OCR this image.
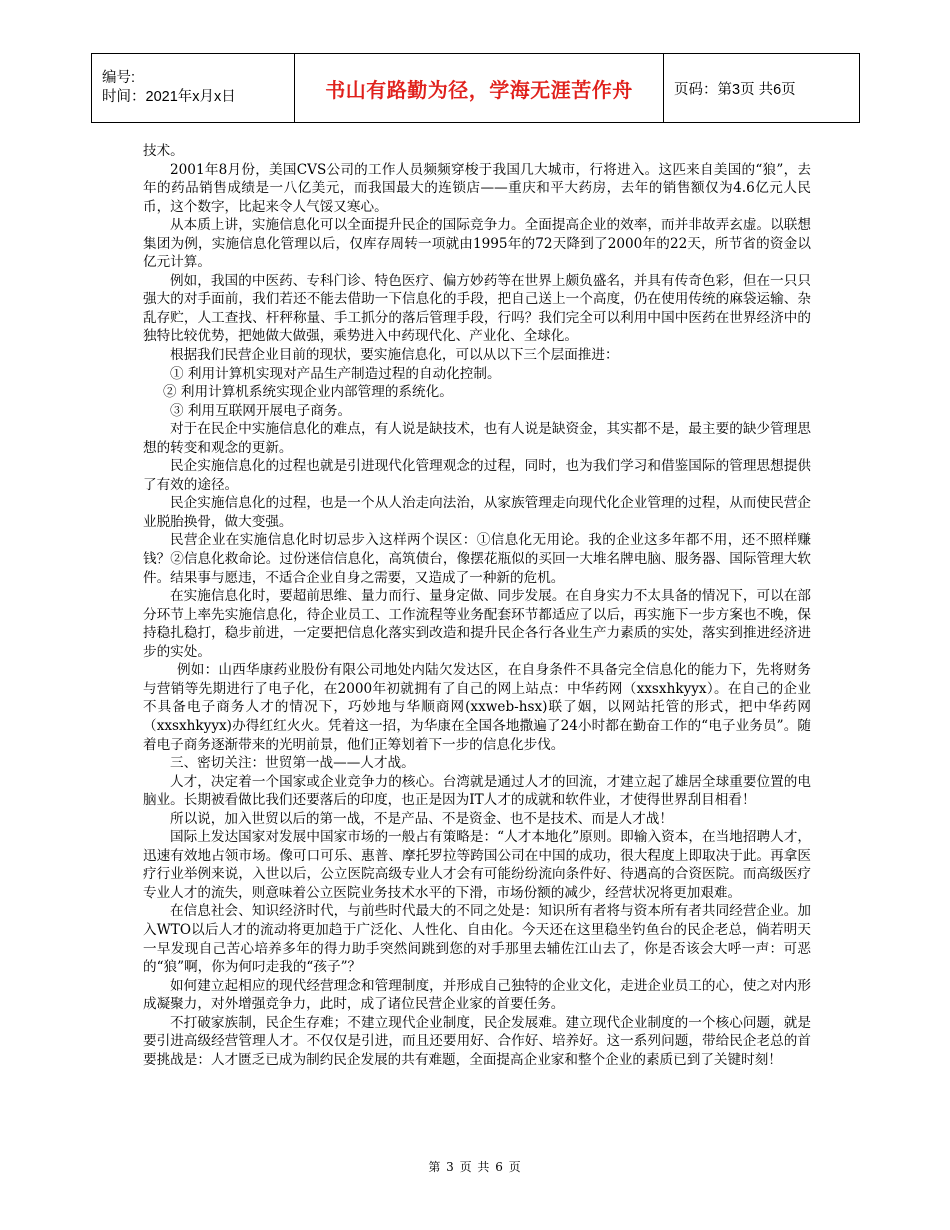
编号:
时间：2021年x月x日	书山有路勤为径，学海无涯苦作舟	页码：第3页 共6页

技术。

2001年8月份，美国CVS公司的工作人员频频穿梭于我国几大城市，行将进入。这匹来自美国的“狼”，去年的药品销售成绩是一八亿美元，而我国最大的连锁店——重庆和平大药房，去年的销售额仅为4.6亿元人民币，这个数字，比起来令人气馁又寒心。

从本质上讲，实施信息化可以全面提升民企的国际竞争力。全面提高企业的效率，而并非故弄玄虚。以联想集团为例，实施信息化管理以后，仅库存周转一项就由1995年的72天降到了2000年的22天，所节省的资金以亿元计算。

例如，我国的中医药、专科门诊、特色医疗、偏方妙药等在世界上颇负盛名，并具有传奇色彩，但在一只只强大的对手面前，我们若还不能去借助一下信息化的手段，把自己送上一个高度，仍在使用传统的麻袋运输、杂乱存贮，人工查找、杆秤称量、手工抓分的落后管理手段，行吗？我们完全可以利用中国中医药在世界经济中的独特比较优势，把她做大做强，乘势进入中药现代化、产业化、全球化。

根据我们民营企业目前的现状，要实施信息化，可以从以下三个层面推进：

① 利用计算机实现对产品生产制造过程的自动化控制。

② 利用计算机系统实现企业内部管理的系统化。

③ 利用互联网开展电子商务。

对于在民企中实施信息化的难点，有人说是缺技术，也有人说是缺资金，其实都不是，最主要的缺少管理思想的转变和观念的更新。

民企实施信息化的过程也就是引进现代化管理观念的过程，同时，也为我们学习和借鉴国际的管理思想提供了有效的途径。

民企实施信息化的过程，也是一个从人治走向法治，从家族管理走向现代化企业管理的过程，从而使民营企业脱胎换骨，做大变强。

民营企业在实施信息化时切忌步入这样两个误区：①信息化无用论。我的企业这多年都不用，还不照样赚钱？②信息化救命论。过份迷信信息化，高筑债台，像摆花瓶似的买回一大堆名牌电脑、服务器、国际管理大软件。结果事与愿违，不适合企业自身之需要，又造成了一种新的危机。

在实施信息化时，要超前思维、量力而行、量身定做、同步发展。在自身实力不太具备的情况下，可以在部分环节上率先实施信息化，待企业员工、工作流程等业务配套环节都适应了以后，再实施下一步方案也不晚，保持稳扎稳打，稳步前进，一定要把信息化落实到改造和提升民企各行各业生产力素质的实处，落实到推进经济进步的实处。

例如：山西华康药业股份有限公司地处内陆欠发达区，在自身条件不具备完全信息化的能力下，先将财务与营销等先期进行了电子化，在2000年初就拥有了自己的网上站点：中华药网（xxsxhkyyx）。在自己的企业不具备电子商务人才的情况下，巧妙地与华顺商网(xxweb-hsx)联了姻，以网站托管的形式，把中华药网（xxsxhkyyx)办得红红火火。凭着这一招，为华康在全国各地撒遍了24小时都在勤奋工作的“电子业务员”。随着电子商务逐渐带来的光明前景，他们正筹划着下一步的信息化步伐。

三、密切关注：世贸第一战——人才战。

人才，决定着一个国家或企业竞争力的核心。台湾就是通过人才的回流，才建立起了雄居全球重要位置的电脑业。长期被看做比我们还要落后的印度，也正是因为IT人才的成就和软件业，才使得世界刮目相看！

所以说，加入世贸以后的第一战，不是产品、不是资金、也不是技术、而是人才战！

国际上发达国家对发展中国家市场的一般占有策略是：“人才本地化”原则。即输入资本，在当地招聘人才，迅速有效地占领市场。像可口可乐、惠普、摩托罗拉等跨国公司在中国的成功，很大程度上即取决于此。再拿医疗行业举例来说，入世以后，公立医院高级专业人才会有可能纷纷流向条件好、待遇高的合资医院。而高级医疗专业人才的流失，则意味着公立医院业务技术水平的下滑，市场份额的减少，经营状况将更加艰难。

在信息社会、知识经济时代，与前些时代最大的不同之处是：知识所有者将与资本所有者共同经营企业。加入WTO以后人才的流动将更加趋于广泛化、人性化、自由化。今天还在这里稳坐钓鱼台的民企老总，倘若明天一早发现自己苦心培养多年的得力助手突然间跳到您的对手那里去辅佐江山去了，你是否该会大呼一声：可恶的“狼”啊，你为何叼走我的“孩子”？

如何建立起相应的现代经营理念和管理制度，并形成自己独特的企业文化，走进企业员工的心，使之对内形成凝聚力，对外增强竞争力，此时，成了诸位民营企业家的首要任务。

不打破家族制，民企生存难；不建立现代企业制度，民企发展难。建立现代企业制度的一个核心问题，就是要引进高级经营管理人才。不仅仅是引进，而且还要用好、合作好、培养好。这一系列问题，带给民企老总的首要挑战是：人才匮乏已成为制约民企发展的共有难题，全面提高企业家和整个企业的素质已到了关键时刻！

第 3 页 共 6 页
